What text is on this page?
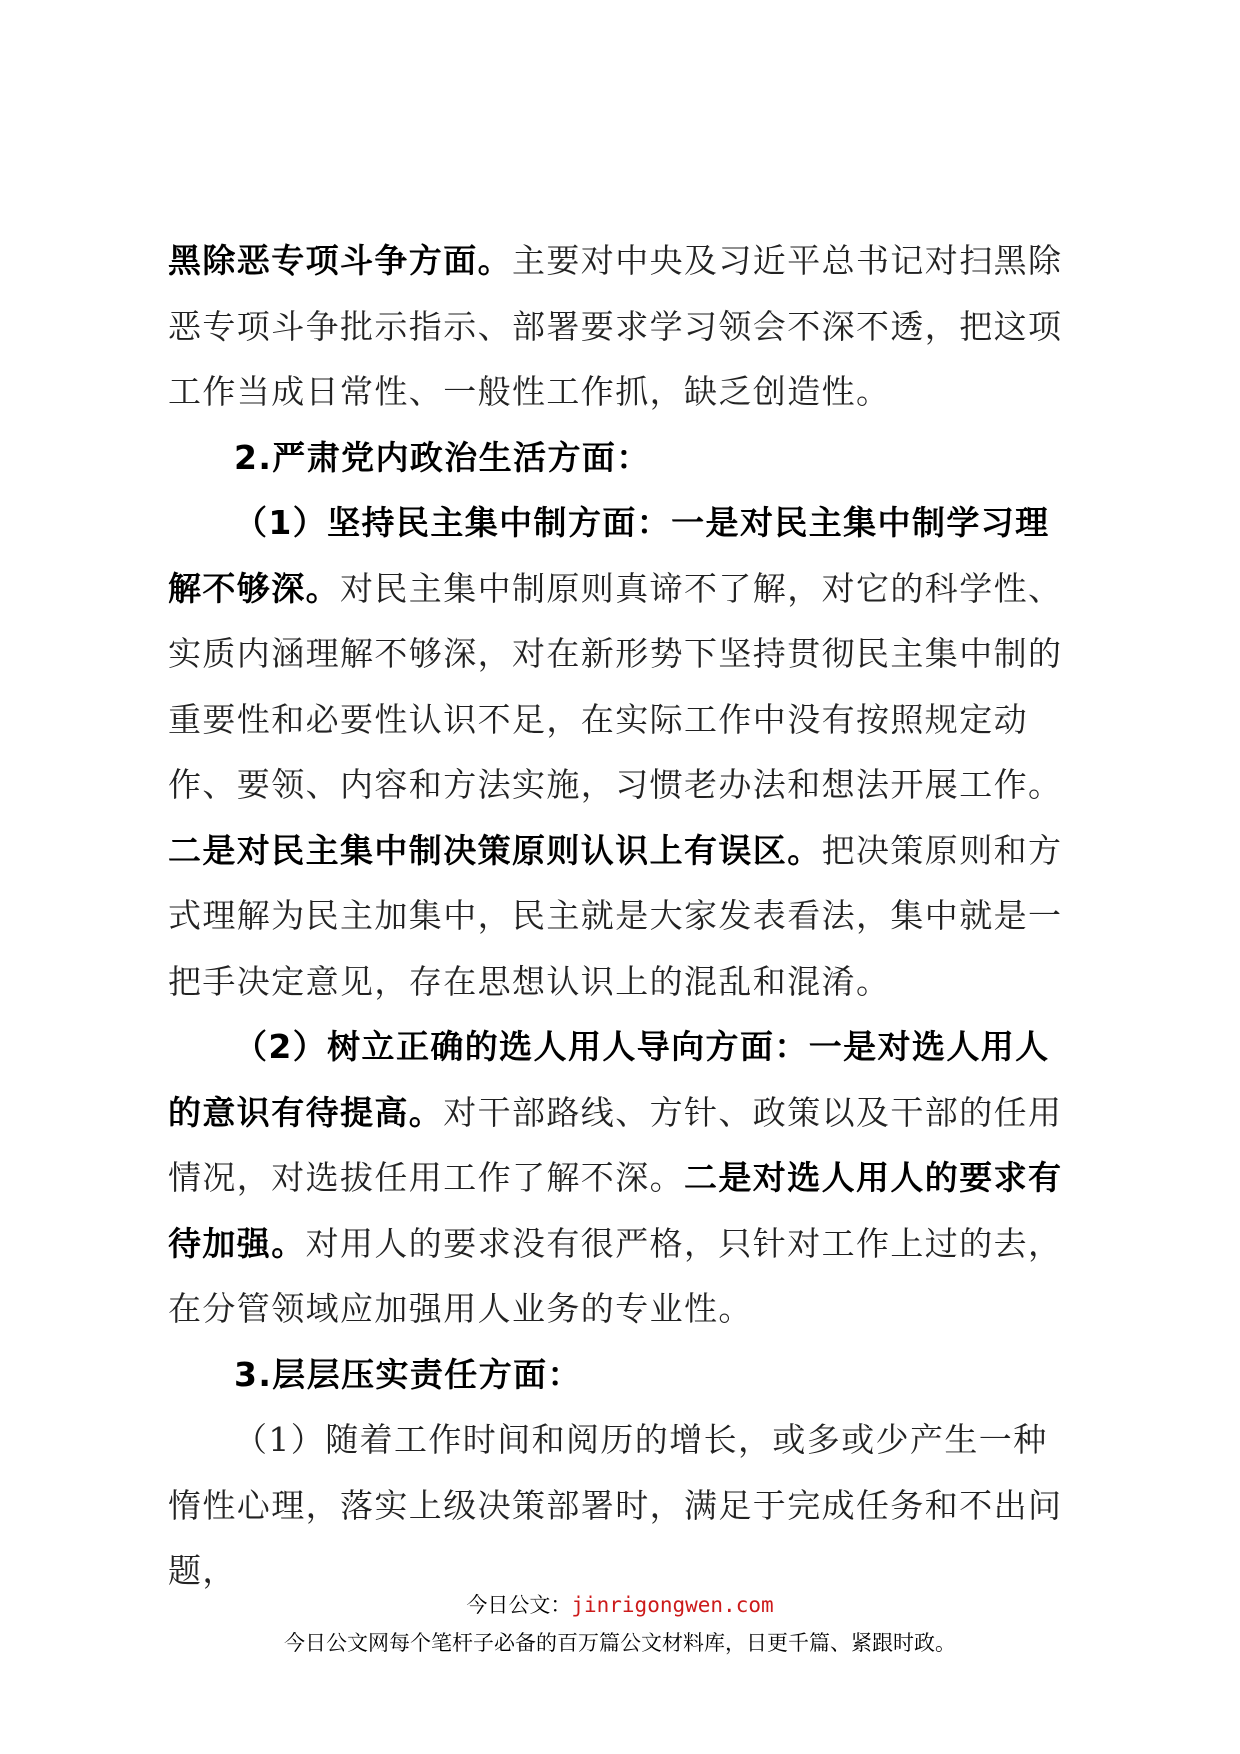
黑除恶专项斗争方面。主要对中央及习近平总书记对扫黑除恶专项斗争批示指示、部署要求学习领会不深不透，把这项工作当成日常性、一般性工作抓，缺乏创造性。

2.严肃党内政治生活方面：

（1）坚持民主集中制方面：一是对民主集中制学习理解不够深。对民主集中制原则真谛不了解，对它的科学性、实质内涵理解不够深，对在新形势下坚持贯彻民主集中制的重要性和必要性认识不足，在实际工作中没有按照规定动作、要领、内容和方法实施，习惯老办法和想法开展工作。二是对民主集中制决策原则认识上有误区。把决策原则和方式理解为民主加集中，民主就是大家发表看法，集中就是一把手决定意见，存在思想认识上的混乱和混淆。

（2）树立正确的选人用人导向方面：一是对选人用人的意识有待提高。对干部路线、方针、政策以及干部的任用情况，对选拔任用工作了解不深。二是对选人用人的要求有待加强。对用人的要求没有很严格，只针对工作上过的去，在分管领域应加强用人业务的专业性。

3.层层压实责任方面：

（1）随着工作时间和阅历的增长，或多或少产生一种惰性心理，落实上级决策部署时，满足于完成任务和不出问题，

今日公文：jinrigongwen.com
今日公文网每个笔杆子必备的百万篇公文材料库，日更千篇、紧跟时政。
